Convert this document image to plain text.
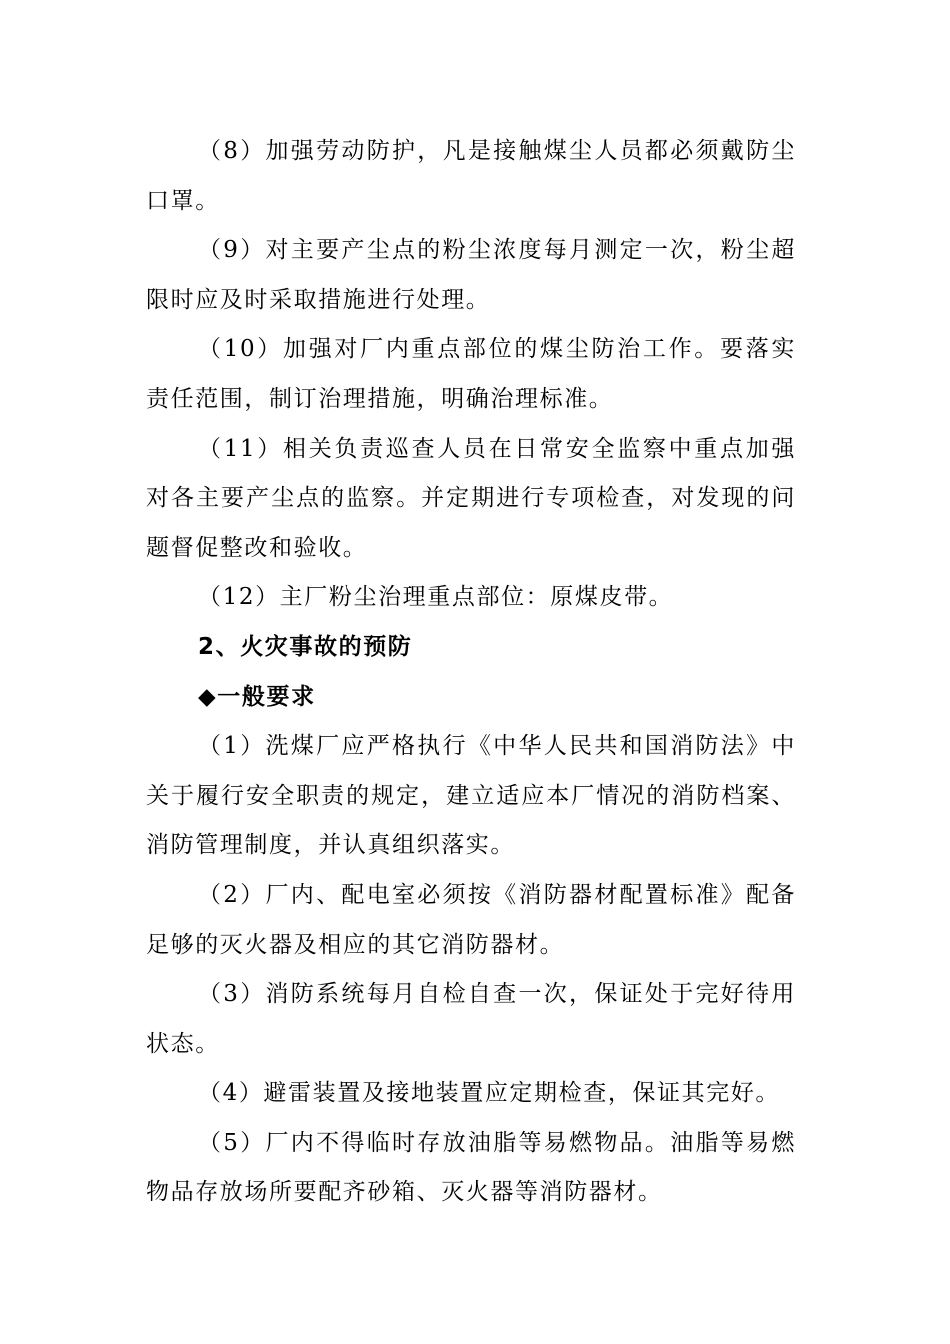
（8）加强劳动防护，凡是接触煤尘人员都必须戴防尘口罩。

（9）对主要产尘点的粉尘浓度每月测定一次，粉尘超限时应及时采取措施进行处理。

（10）加强对厂内重点部位的煤尘防治工作。要落实责任范围，制订治理措施，明确治理标准。

（11）相关负责巡查人员在日常安全监察中重点加强对各主要产尘点的监察。并定期进行专项检查，对发现的问题督促整改和验收。

（12）主厂粉尘治理重点部位：原煤皮带。

2、火灾事故的预防

◆一般要求

（1）洗煤厂应严格执行《中华人民共和国消防法》中关于履行安全职责的规定，建立适应本厂情况的消防档案、消防管理制度，并认真组织落实。

（2）厂内、配电室必须按《消防器材配置标准》配备足够的灭火器及相应的其它消防器材。

（3）消防系统每月自检自查一次，保证处于完好待用状态。

（4）避雷装置及接地装置应定期检查，保证其完好。

（5）厂内不得临时存放油脂等易燃物品。油脂等易燃物品存放场所要配齐砂箱、灭火器等消防器材。
